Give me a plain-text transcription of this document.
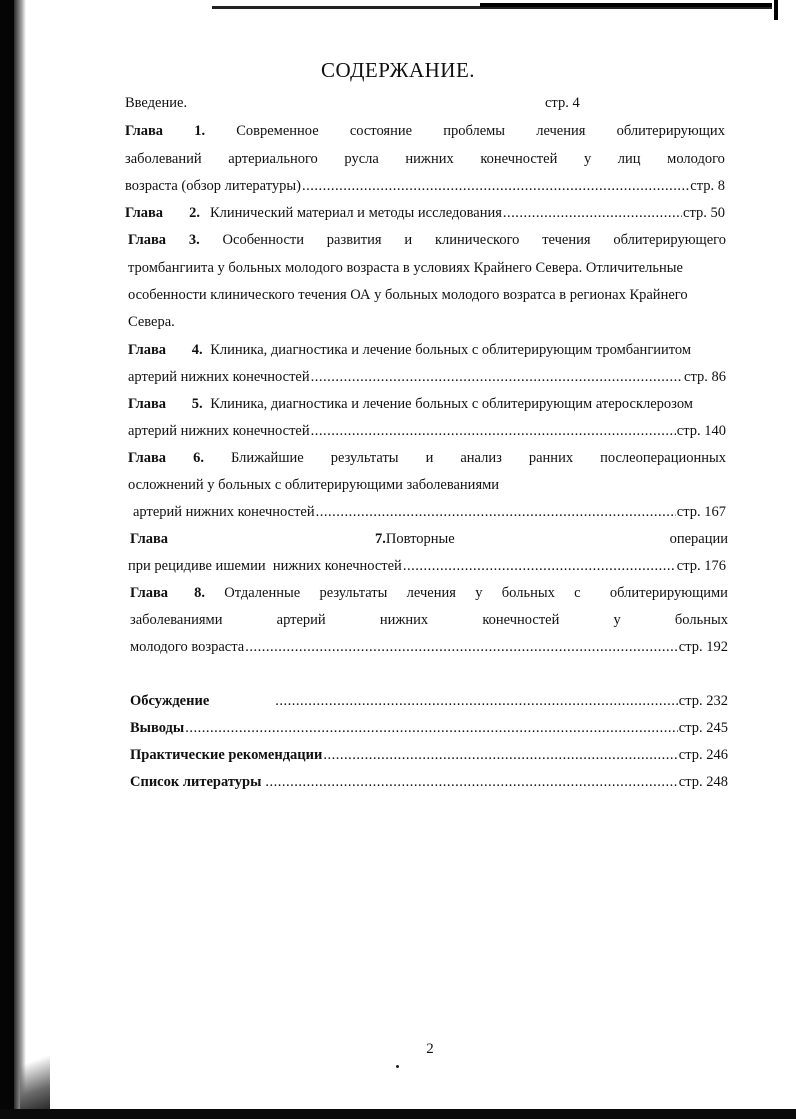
СОДЕРЖАНИЕ.
Введение.	стр. 4
Глава 1. Современное состояние проблемы лечения облитерирующих
заболеваний артериального русла нижних конечностей у лиц молодого
возраста (обзор литературы) .....	стр. 8
Глава 2. Клинический материал и методы исследования .....	стр. 50
Глава 3. Особенности развития и клинического течения облитерирующего
тромбангиита у больных молодого возраста в условиях Крайнего Севера. Отличительные
особенности клинического течения ОА у больных молодого возратса в регионах Крайнего
Севера.
Глава 4. Клиника, диагностика и лечение больных с облитерирующим тромбангиитом
артерий нижних конечностей .....	стр. 86
Глава 5. Клиника, диагностика и лечение больных с облитерирующим атеросклерозом
артерий нижних конечностей .....	стр. 140
Глава 6. Ближайшие результаты и анализ ранних послеоперационных
осложнений у больных с облитерирующими заболеваниями
артерий нижних конечностей .....	стр. 167
Глава	7.Повторные	операции
при рецидиве ишемии  нижних конечностей .....	стр. 176
Глава 8. Отдаленные результаты лечения у больных с облитерирующими
заболеваниями	артерий	нижних	конечностей	у	больных
молодого возраста .....	стр. 192
Обсуждение .....	стр. 232
Выводы .....	стр. 245
Практические рекомендации .....	стр. 246
Список литературы .....	стр. 248
2
